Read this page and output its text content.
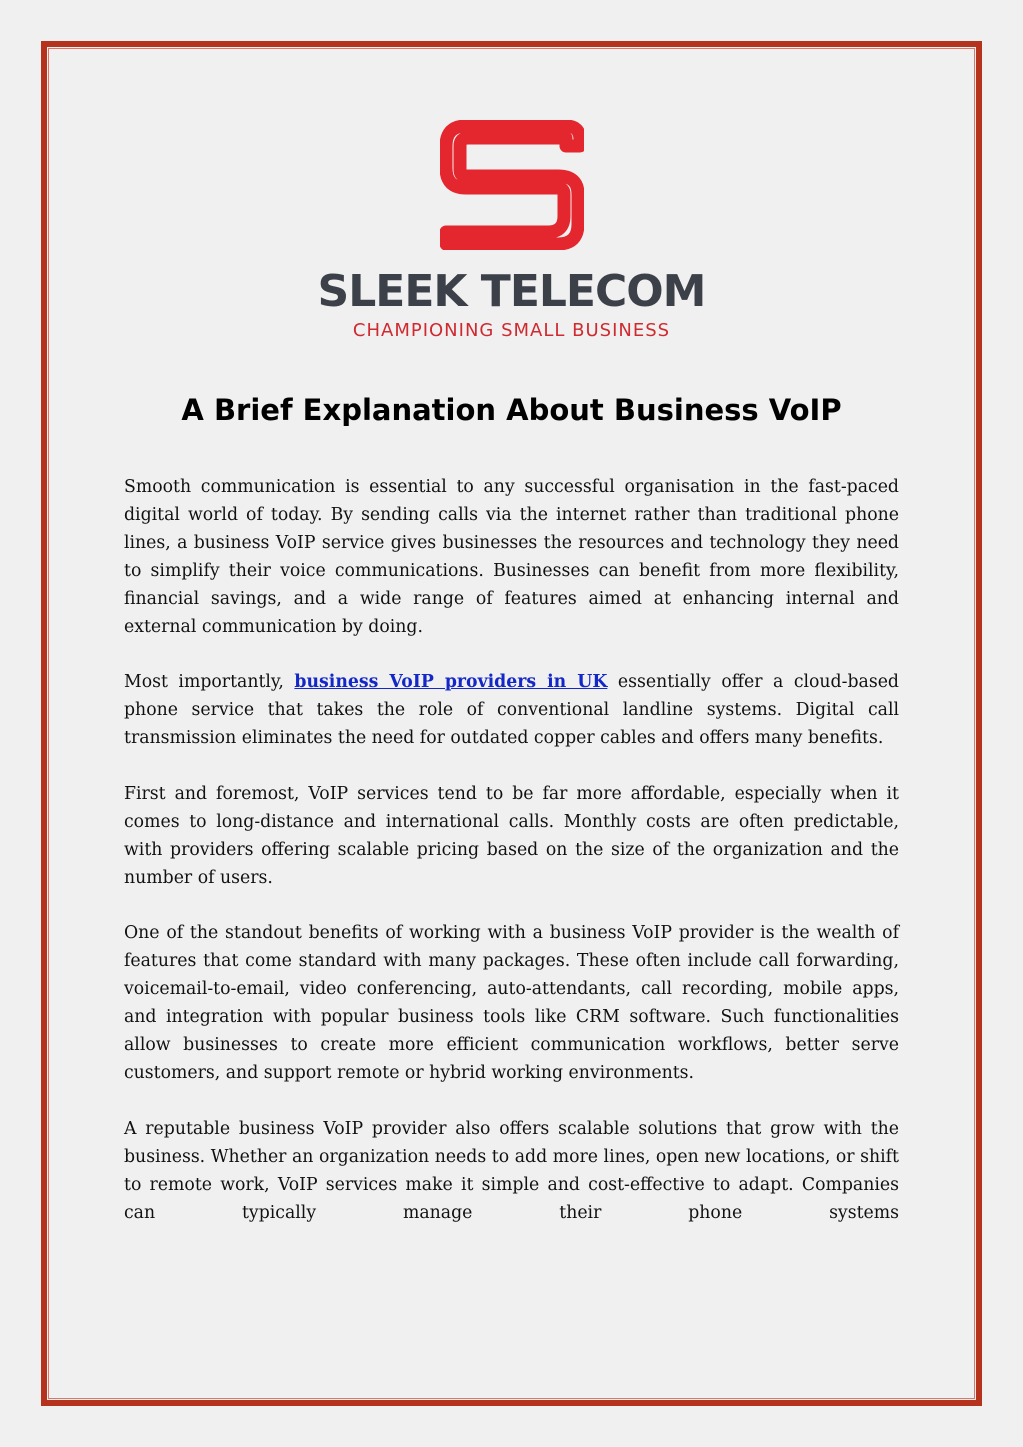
SLEEK TELECOM
CHAMPIONING SMALL BUSINESS
A Brief Explanation About Business VoIP

Smooth communication is essential to any successful organisation in the fast-paced digital world of today. By sending calls via the internet rather than traditional phone lines, a business VoIP service gives businesses the resources and technology they need to simplify their voice communications. Businesses can benefit from more flexibility, financial savings, and a wide range of features aimed at enhancing internal and external communication by doing.

Most importantly, business VoIP providers in UK essentially offer a cloud-based phone service that takes the role of conventional landline systems. Digital call transmission eliminates the need for outdated copper cables and offers many benefits.

First and foremost, VoIP services tend to be far more affordable, especially when it comes to long-distance and international calls. Monthly costs are often predictable, with providers offering scalable pricing based on the size of the organization and the number of users.

One of the standout benefits of working with a business VoIP provider is the wealth of features that come standard with many packages. These often include call forwarding, voicemail-to-email, video conferencing, auto-attendants, call recording, mobile apps, and integration with popular business tools like CRM software. Such functionalities allow businesses to create more efficient communication workflows, better serve customers, and support remote or hybrid working environments.

A reputable business VoIP provider also offers scalable solutions that grow with the business. Whether an organization needs to add more lines, open new locations, or shift to remote work, VoIP services make it simple and cost-effective to adapt. Companies can typically manage their phone systems
